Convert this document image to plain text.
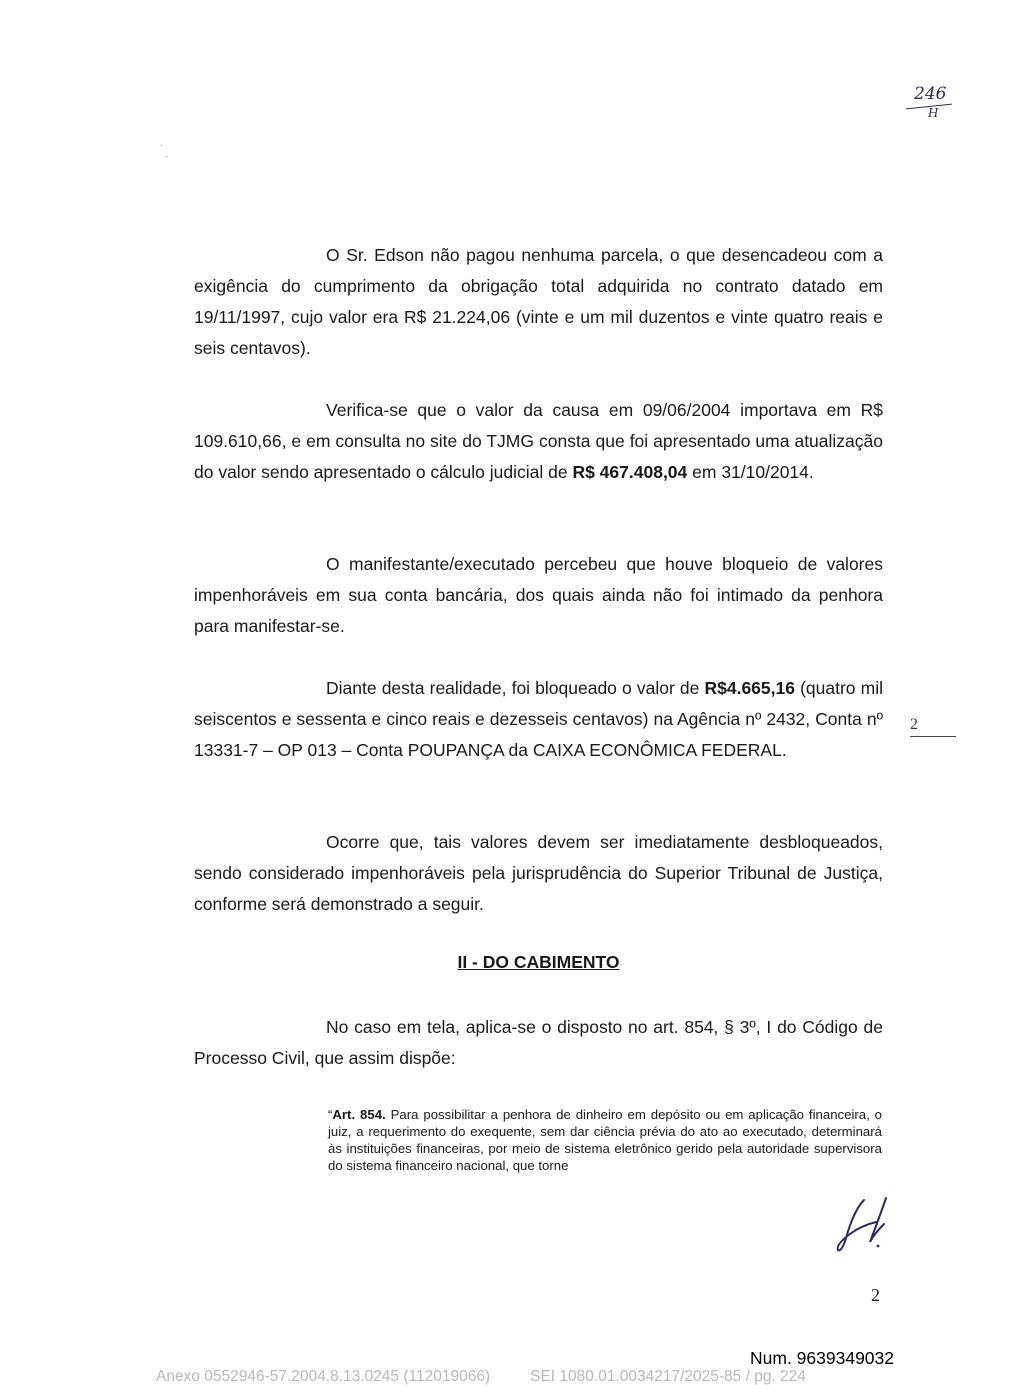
246
H
·
·

O Sr. Edson não pagou nenhuma parcela, o que desencadeou com a exigência do cumprimento da obrigação total adquirida no contrato datado em 19/11/1997, cujo valor era R$ 21.224,06 (vinte e um mil duzentos e vinte quatro reais e seis centavos).

Verifica-se que o valor da causa em 09/06/2004 importava em R$ 109.610,66, e em consulta no site do TJMG consta que foi apresentado uma atualização do valor sendo apresentado o cálculo judicial de R$ 467.408,04 em 31/10/2014.

O manifestante/executado percebeu que houve bloqueio de valores impenhoráveis em sua conta bancária, dos quais ainda não foi intimado da penhora para manifestar-se.

Diante desta realidade, foi bloqueado o valor de R$4.665,16 (quatro mil seiscentos e sessenta e cinco reais e dezesseis centavos) na Agência nº 2432, Conta nº 13331-7 – OP 013 – Conta POUPANÇA da CAIXA ECONÔMICA FEDERAL.

Ocorre que, tais valores devem ser imediatamente desbloqueados, sendo considerado impenhoráveis pela jurisprudência do Superior Tribunal de Justiça, conforme será demonstrado a seguir.

II - DO CABIMENTO

No caso em tela, aplica-se o disposto no art. 854, § 3º, I do Código de Processo Civil, que assim dispõe:

“Art. 854. Para possibilitar a penhora de dinheiro em depósito ou em aplicação financeira, o juiz, a requerimento do exequente, sem dar ciência prévia do ato ao executado, determinará às instituições financeiras, por meio de sistema eletrônico gerido pela autoridade supervisora do sistema financeiro nacional, que torne

2
2
Num. 9639349032
Anexo 0552946-57.2004.8.13.0245 (112019066)	SEI 1080.01.0034217/2025-85 / pg. 224
